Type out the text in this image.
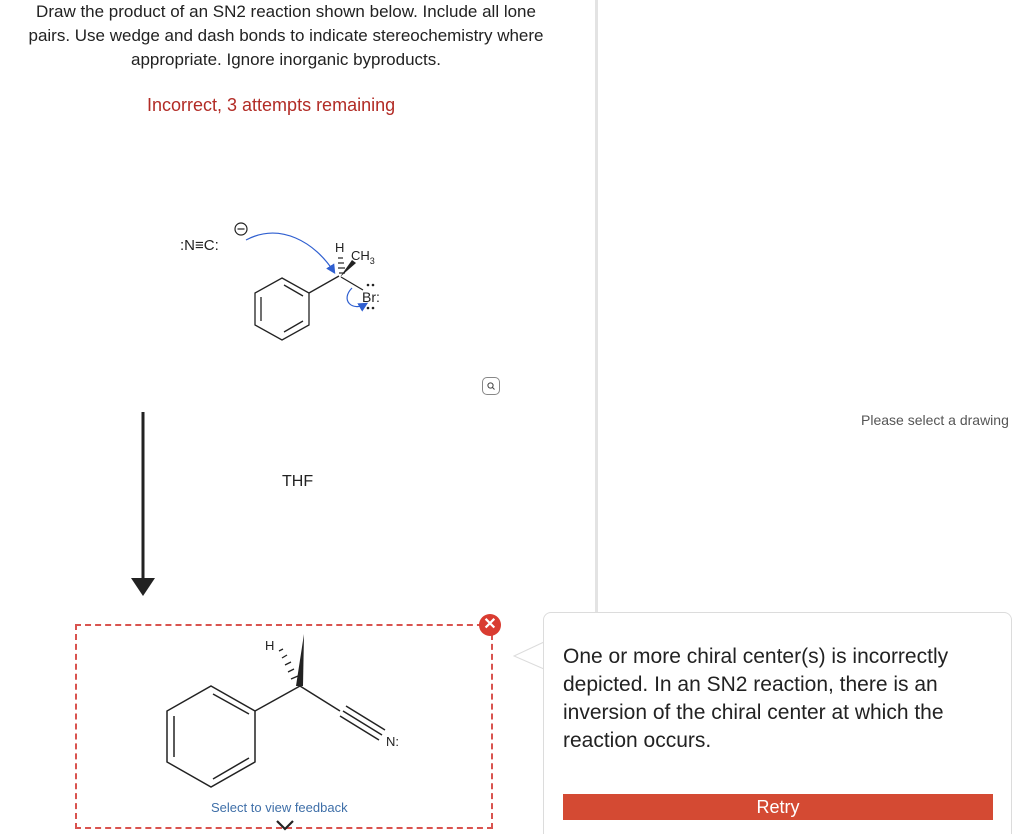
Draw the product of an SN2 reaction shown below. Include all lone
pairs. Use wedge and dash bonds to indicate stereochemistry where
appropriate. Ignore inorganic byproducts.
Incorrect, 3 attempts remaining
:N≡C:	H
$CH_3$
Br:
H
N:
THF
Please select a drawing
✕
Select to view feedback
One or more chiral center(s) is incorrectly depicted. In an SN2 reaction, there is an inversion of the chiral center at which the reaction occurs.
Retry
